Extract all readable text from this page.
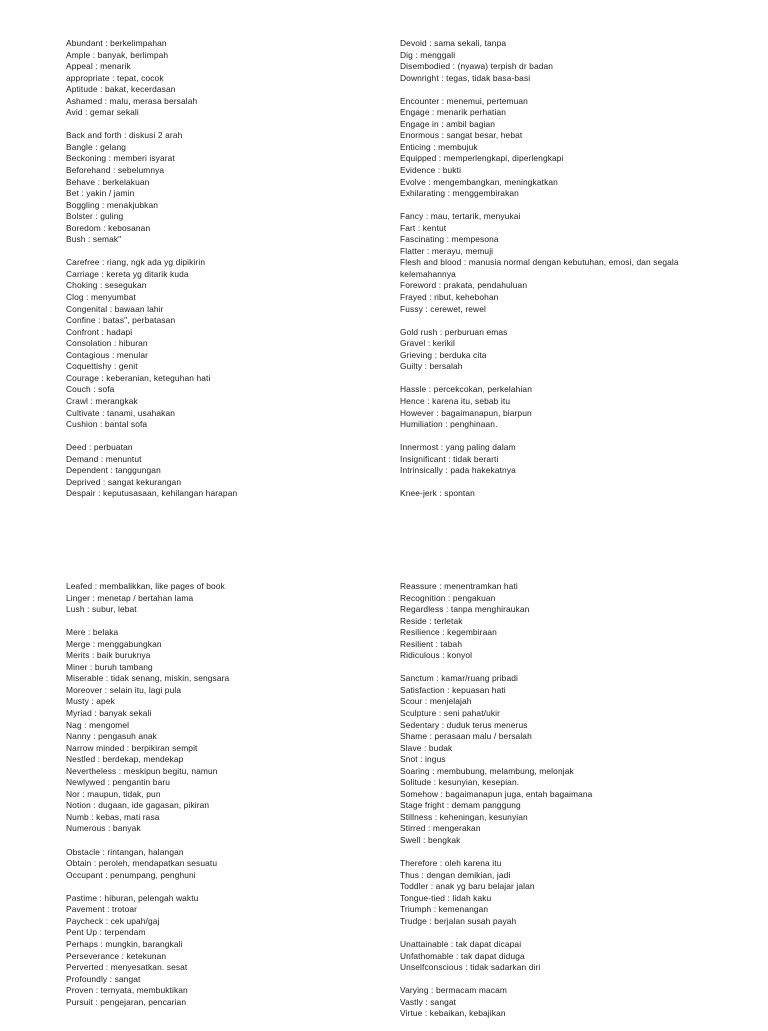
Abundant : berkelimpahan
Ample : banyak, berlimpah
Appeal : menarik
appropriate : tepat, cocok
Aptitude : bakat, kecerdasan
Ashamed : malu, merasa bersalah
Avid : gemar sekali
Back and forth : diskusi 2 arah
Bangle : gelang
Beckoning : memberi isyarat
Beforehand : sebelumnya
Behave : berkelakuan
Bet : yakin / jamin
Boggling : menakjubkan
Bolster : guling
Boredom : kebosanan
Bush : semak"
Carefree : riang, ngk ada yg dipikirin
Carriage : kereta yg ditarik kuda
Choking : sesegukan
Clog : menyumbat
Congenital : bawaan lahir
Confine : batas", perbatasan
Confront : hadapi
Consolation : hiburan
Contagious : menular
Coquettishy : genit
Courage : keberanian, keteguhan hati
Couch : sofa
Crawl : merangkak
Cultivate : tanami, usahakan
Cushion : bantal sofa
Deed : perbuatan
Demand : menuntut
Dependent : tanggungan
Deprived : sangat kekurangan
Despair : keputusasaan, kehilangan harapan
Devoid : sama sekali, tanpa
Dig : menggali
Disembodied : (nyawa) terpish dr badan
Downright : tegas, tidak basa-basi
Encounter : menemui, pertemuan
Engage : menarik perhatian
Engage in : ambil bagian
Enormous : sangat besar, hebat
Enticing : membujuk
Equipped : memperlengkapi, diperlengkapi
Evidence : bukti
Evolve : mengembangkan, meningkatkan
Exhilarating : menggembirakan
Fancy : mau, tertarik, menyukai
Fart : kentut
Fascinating : mempesona
Flatter : merayu, memuji
Flesh and blood : manusia normal dengan kebutuhan, emosi, dan segala
kelemahannya
Foreword : prakata, pendahuluan
Frayed : ribut, kehebohan
Fussy : cerewet, rewel
Gold rush : perburuan emas
Gravel : kerikil
Grieving : berduka cita
Guilty : bersalah
Hassle : percekcokan, perkelahian
Hence : karena itu, sebab itu
However : bagaimanapun, biarpun
Humiliation : penghinaan.
Innermost : yang paling dalam
Insignificant : tidak berarti
Intrinsically : pada hakekatnya
Knee-jerk : spontan
Leafed : membalikkan, like pages of book
Linger : menetap / bertahan lama
Lush : subur, lebat
Mere : belaka
Merge : menggabungkan
Merits : baik buruknya
Miner : buruh tambang
Miserable : tidak senang, miskin, sengsara
Moreover : selain itu, lagi pula
Musty : apek
Myriad : banyak sekali
Nag : mengomel
Nanny : pengasuh anak
Narrow minded : berpikiran sempit
Nestled : berdekap, mendekap
Nevertheless : meskipun begitu, namun
Newlywed : pengantin baru
Nor : maupun, tidak, pun
Notion : dugaan, ide gagasan, pikiran
Numb : kebas, mati rasa
Numerous : banyak
Obstacle : rintangan, halangan
Obtain : peroleh, mendapatkan sesuatu
Occupant : penumpang, penghuni
Pastime : hiburan, pelengah waktu
Pavement : trotoar
Paycheck : cek upah/gaj
Pent Up : terpendam
Perhaps : mungkin, barangkali
Perseverance : ketekunan
Perverted : menyesatkan. sesat
Profoundly : sangat
Proven : ternyata, membuktikan
Pursuit : pengejaran, pencarian
Reassure : menentramkan hati
Recognition : pengakuan
Regardless : tanpa menghiraukan
Reside : terletak
Resilience : kegembiraan
Resilient : tabah
Ridiculous : konyol
Sanctum : kamar/ruang pribadi
Satisfaction : kepuasan hati
Scour : menjelajah
Sculpture : seni pahat/ukir
Sedentary : duduk terus menerus
Shame : perasaan malu / bersalah
Slave : budak
Snot : ingus
Soaring : membubung, melambung, melonjak
Solitude : kesunyian, kesepian.
Somehow : bagaimanapun juga, entah bagaimana
Stage fright : demam panggung
Stillness : keheningan, kesunyian
Stirred : mengerakan
Swell : bengkak
Therefore : oleh karena itu
Thus : dengan demikian, jadi
Toddler : anak yg baru belajar jalan
Tongue-tied : lidah kaku
Triumph : kemenangan
Trudge : berjalan susah payah
Unattainable : tak dapat dicapai
Unfathomable : tak dapat diduga
Unselfconscious : tidak sadarkan diri
Varying : bermacam macam
Vastly : sangat
Virtue : kebaikan, kebajikan
